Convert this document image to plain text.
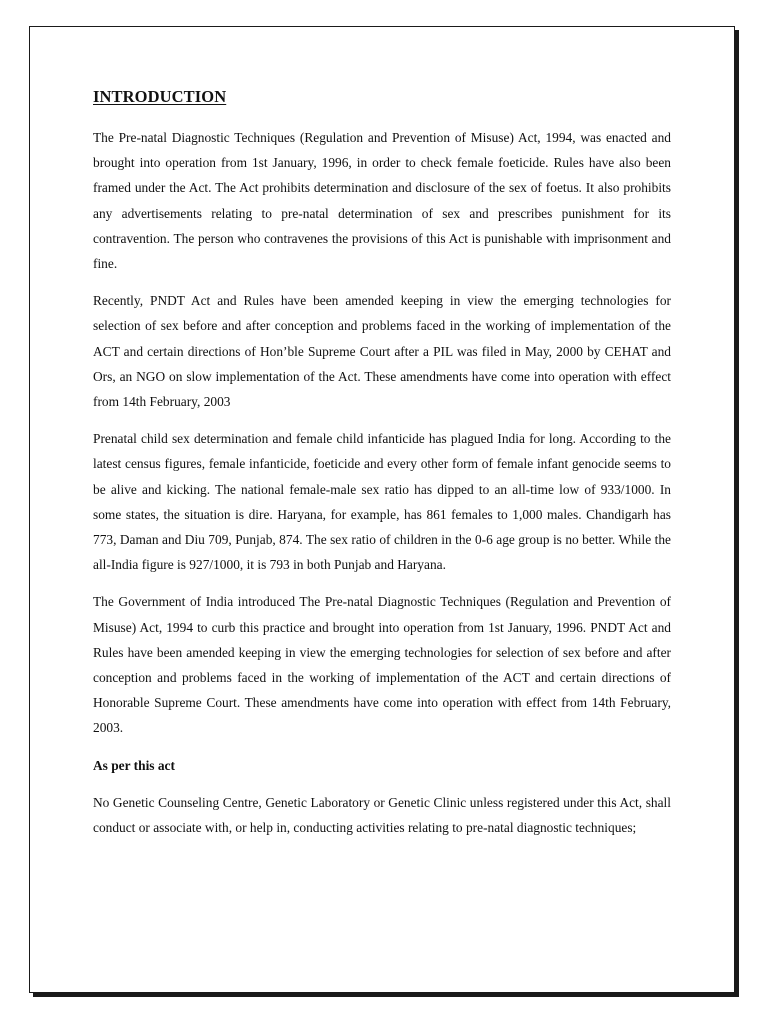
INTRODUCTION

The Pre-natal Diagnostic Techniques (Regulation and Prevention of Misuse) Act, 1994, was enacted and brought into operation from 1st January, 1996, in order to check female foeticide. Rules have also been framed under the Act. The Act prohibits determination and disclosure of the sex of foetus. It also prohibits any advertisements relating to pre-natal determination of sex and prescribes punishment for its contravention. The person who contravenes the provisions of this Act is punishable with imprisonment and fine.

Recently, PNDT Act and Rules have been amended keeping in view the emerging technologies for selection of sex before and after conception and problems faced in the working of implementation of the ACT and certain directions of Hon’ble Supreme Court after a PIL was filed in May, 2000 by CEHAT and Ors, an NGO on slow implementation of the Act. These amendments have come into operation with effect from 14th February, 2003

Prenatal child sex determination and female child infanticide has plagued India for long. According to the latest census figures, female infanticide, foeticide and every other form of female infant genocide seems to be alive and kicking. The national female-male sex ratio has dipped to an all-time low of 933/1000. In some states, the situation is dire. Haryana, for example, has 861 females to 1,000 males. Chandigarh has 773, Daman and Diu 709, Punjab, 874. The sex ratio of children in the 0-6 age group is no better. While the all-India figure is 927/1000, it is 793 in both Punjab and Haryana.

The Government of India introduced The Pre-natal Diagnostic Techniques (Regulation and Prevention of Misuse) Act, 1994 to curb this practice and brought into operation from 1st January, 1996. PNDT Act and Rules have been amended keeping in view the emerging technologies for selection of sex before and after conception and problems faced in the working of implementation of the ACT and certain directions of Honorable Supreme Court. These amendments have come into operation with effect from 14th February, 2003.

As per this act

No Genetic Counseling Centre, Genetic Laboratory or Genetic Clinic unless registered under this Act, shall conduct or associate with, or help in, conducting activities relating to pre-natal diagnostic techniques;
